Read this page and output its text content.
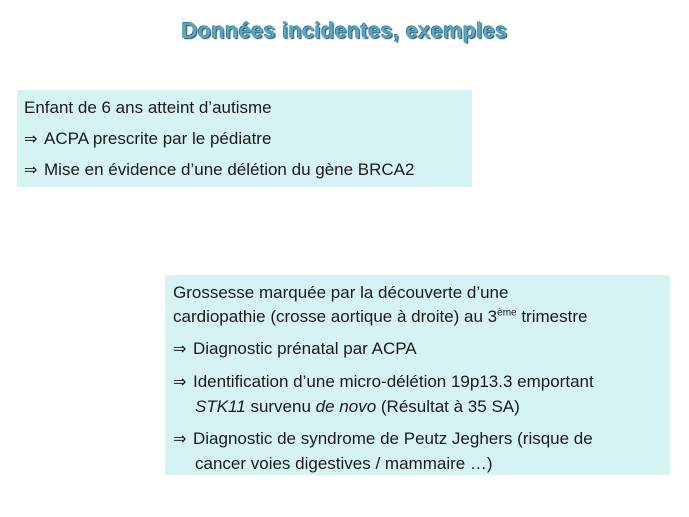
Données incidentes, exemples
Enfant de 6 ans atteint d’autisme
⇒ ACPA prescrite par le pédiatre
⇒ Mise en évidence d’une délétion du gène BRCA2
Grossesse marquée par la découverte d’une
cardiopathie (crosse aortique à droite) au 3ème trimestre
⇒ Diagnostic prénatal par ACPA
⇒ Identification d’une micro-délétion 19p13.3 emportant
STK11 survenu de novo (Résultat à 35 SA)
⇒ Diagnostic de syndrome de Peutz Jeghers (risque de
cancer voies digestives / mammaire …)
